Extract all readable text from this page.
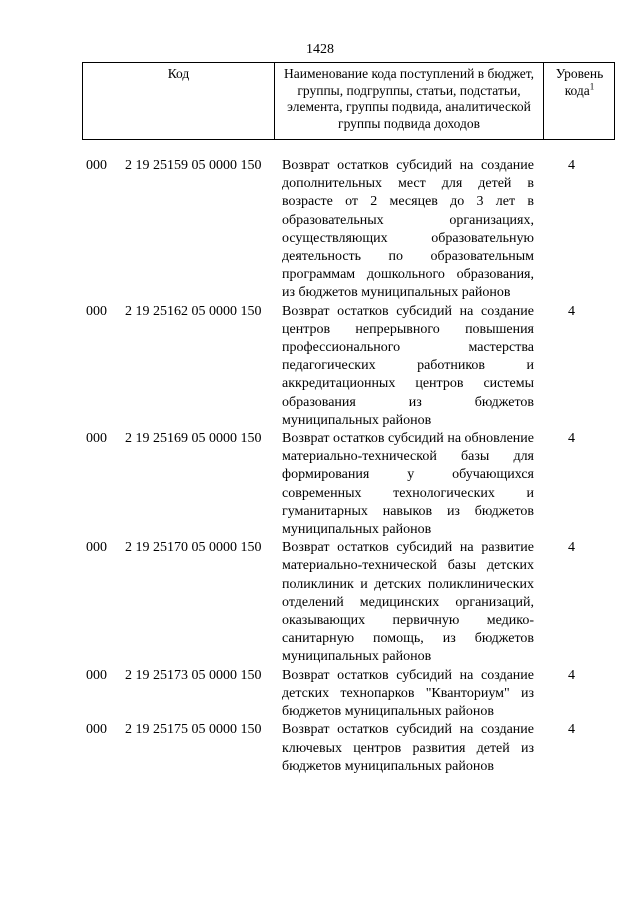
1428
Код	Наименование кода поступлений в бюджет, группы, подгруппы, статьи, подстатьи, элемента, группы подвида, аналитической группы подвида доходов
Уровень кода$^1$
000 2 19 25159 05 0000 150 Возврат остатков субсидий на создание дополнительных мест для детей в возрасте от 2 месяцев до 3 лет в образовательных организациях, осуществляющих образовательную деятельность по образовательным программам дошкольного образования, из бюджетов муниципальных районов
4
000 2 19 25162 05 0000 150 Возврат остатков субсидий на создание центров непрерывного повышения профессионального мастерства педагогических работников и аккредитационных центров системы образования из бюджетов муниципальных районов
4
000 2 19 25169 05 0000 150 Возврат остатков субсидий на обновление материально-технической базы для формирования у обучающихся современных технологических и гуманитарных навыков из бюджетов муниципальных районов
4
000 2 19 25170 05 0000 150 Возврат остатков субсидий на развитие материально-технической базы детских поликлиник и детских поликлинических отделений медицинских организаций, оказывающих первичную медико-санитарную помощь, из бюджетов муниципальных районов
4
000 2 19 25173 05 0000 150 Возврат остатков субсидий на создание детских технопарков "Кванториум" из бюджетов муниципальных районов
4
000 2 19 25175 05 0000 150 Возврат остатков субсидий на создание ключевых центров развития детей из бюджетов муниципальных районов
4
